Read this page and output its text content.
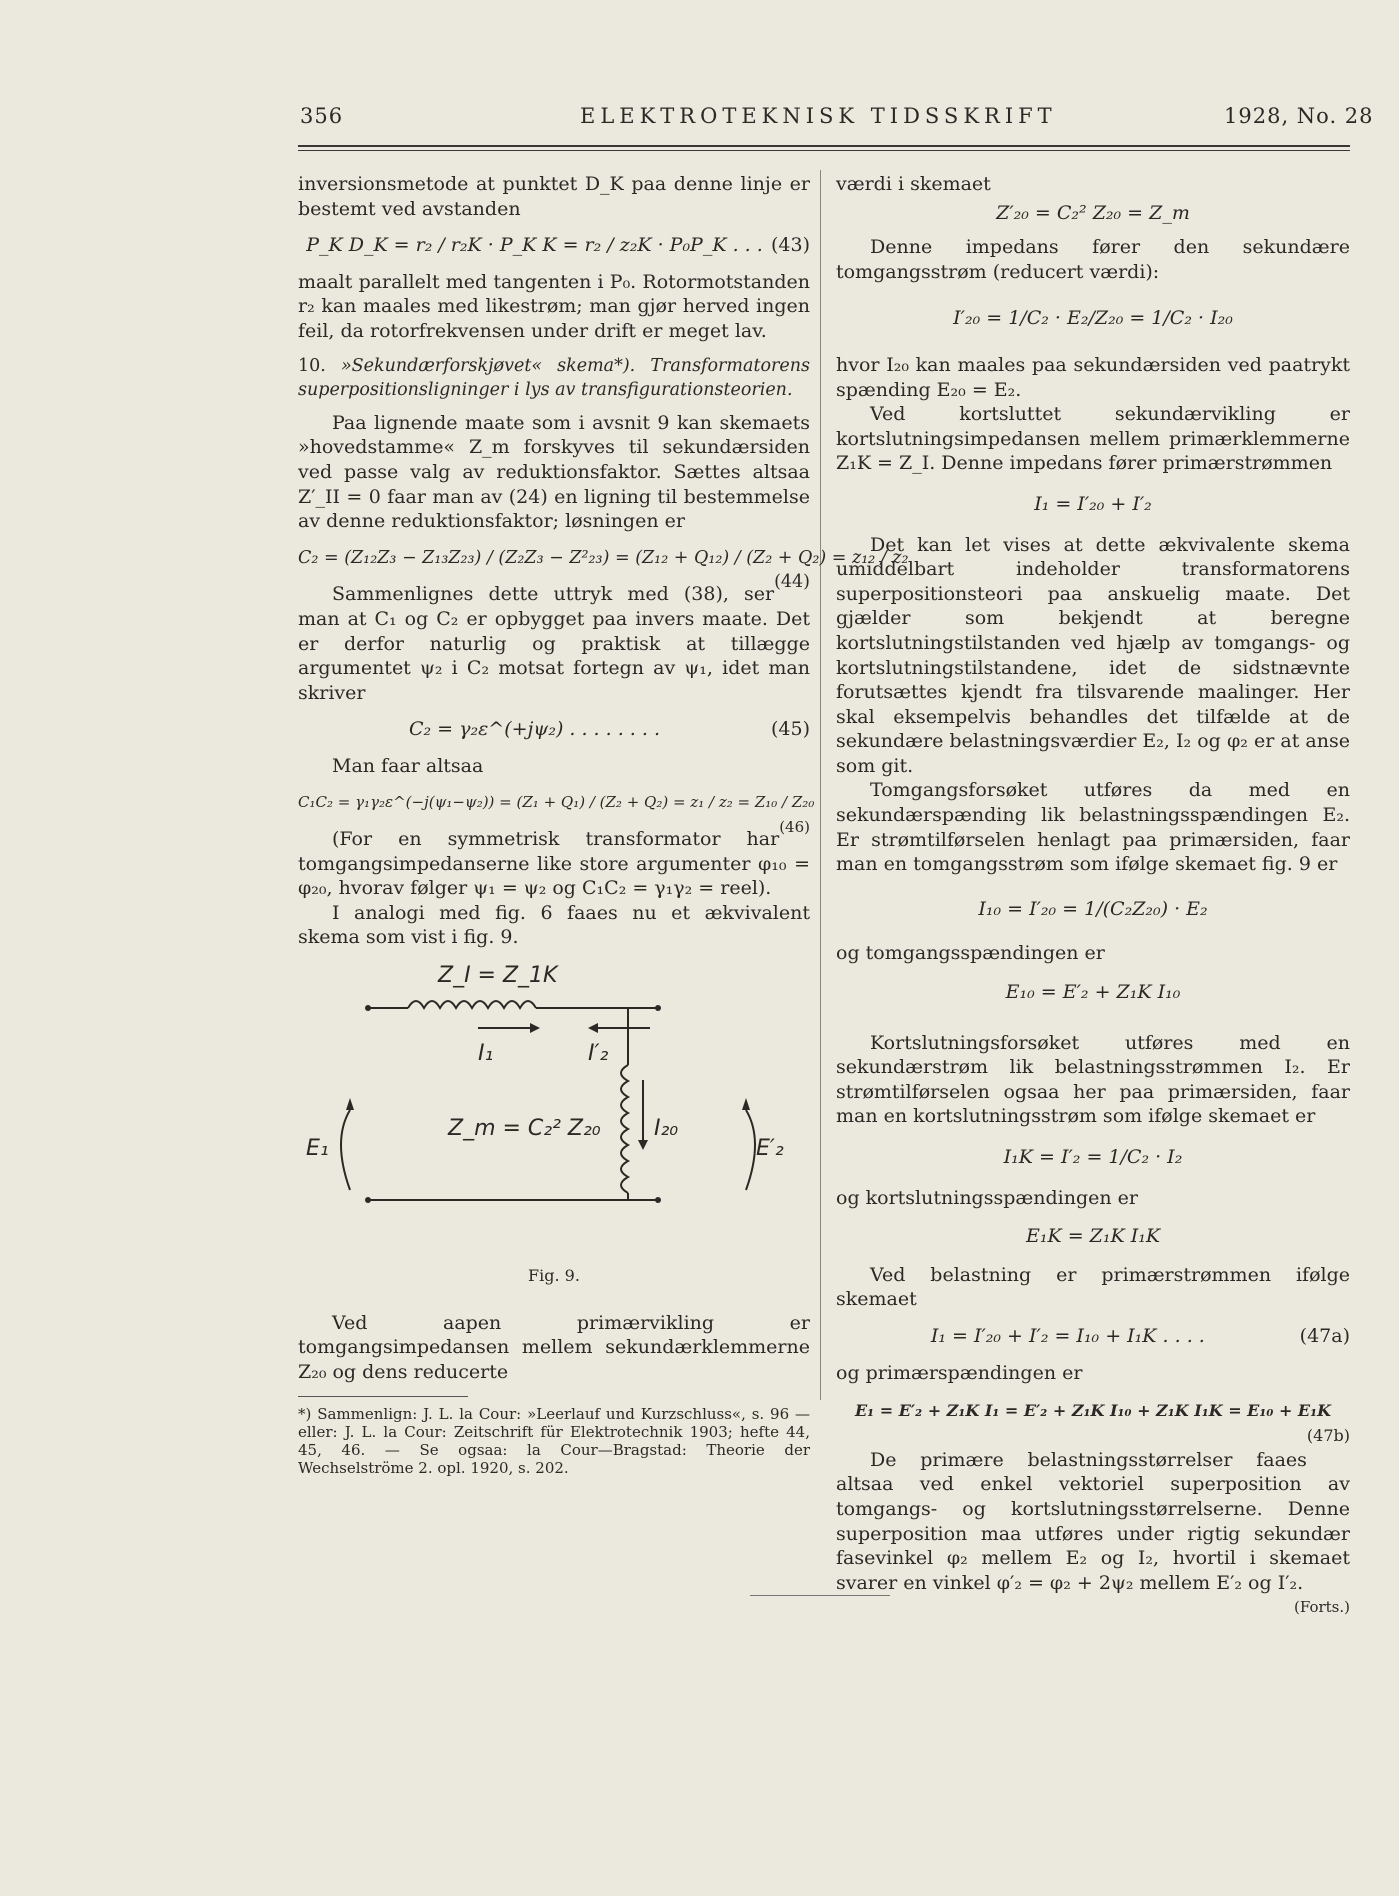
356	ELEKTROTEKNISK TIDSSKRIFT	1928, No. 28

inversionsmetode at punktet D_K paa denne linje er bestemt ved avstanden

P_K D_K = r₂ / r₂K · P_K K = r₂ / z₂K · P₀P_K . . . (43)

maalt parallelt med tangenten i P₀. Rotormotstanden r₂ kan maales med likestrøm; man gjør herved ingen feil, da rotorfrekvensen under drift er meget lav.

10. »Sekundærforskjøvet« skema*). Transformatorens superpositionsligninger i lys av transfigurationsteorien.

Paa lignende maate som i avsnit 9 kan skemaets »hovedstamme« Z_m forskyves til sekundærsiden ved passe valg av reduktionsfaktor. Sættes altsaa Z′_II = 0 faar man av (24) en ligning til bestemmelse av denne reduktionsfaktor; løsningen er

C₂ = (Z₁₂Z₃ − Z₁₃Z₂₃) / (Z₂Z₃ − Z²₂₃) = (Z₁₂ + Q₁₂) / (Z₂ + Q₂) = z₁₂ / z₂
(44)

Sammenlignes dette uttryk med (38), ser man at C₁ og C₂ er opbygget paa invers maate. Det er derfor naturlig og praktisk at tillægge argumentet ψ₂ i C₂ motsat fortegn av ψ₁, idet man skriver

C₂ = γ₂ε^(+jψ₂) . . . . . . . .	(45)

Man faar altsaa

C₁C₂ = γ₁γ₂ε^(−j(ψ₁−ψ₂)) = (Z₁ + Q₁) / (Z₂ + Q₂) = z₁ / z₂ = Z₁₀ / Z₂₀
(46)

(For en symmetrisk transformator har tomgangsimpedanserne like store argumenter φ₁₀ = φ₂₀, hvorav følger ψ₁ = ψ₂ og C₁C₂ = γ₁γ₂ = reel).

I analogi med fig. 6 faaes nu et ækvivalent skema som vist i fig. 9.

Z_I = Z_1K
I₁	I′₂
Z_m = C₂² Z₂₀ I₂₀
E₁	E′₂
Fig. 9.

Ved aapen primærvikling er tomgangsimpedansen mellem sekundærklemmerne Z₂₀ og dens reducerte

*) Sammenlign: J. L. la Cour: »Leerlauf und Kurzschluss«, s. 96 — eller: J. L. la Cour: Zeitschrift für Elektrotechnik 1903; hefte 44, 45, 46. — Se ogsaa: la Cour—Bragstad: Theorie der Wechselströme 2. opl. 1920, s. 202.

værdi i skemaet

Z′₂₀ = C₂² Z₂₀ = Z_m

Denne impedans fører den sekundære tomgangsstrøm (reducert værdi):

I′₂₀ = 1/C₂ · E₂/Z₂₀ = 1/C₂ · I₂₀

hvor I₂₀ kan maales paa sekundærsiden ved paatrykt spænding E₂₀ = E₂.

Ved kortsluttet sekundærvikling er kortslutningsimpedansen mellem primærklemmerne Z₁K = Z_I. Denne impedans fører primærstrømmen

I₁ = I′₂₀ + I′₂

Det kan let vises at dette ækvivalente skema umiddelbart indeholder transformatorens superpositionsteori paa anskuelig maate. Det gjælder som bekjendt at beregne kortslutningstilstanden ved hjælp av tomgangs- og kortslutningstilstandene, idet de sidstnævnte forutsættes kjendt fra tilsvarende maalinger. Her skal eksempelvis behandles det tilfælde at de sekundære belastningsværdier E₂, I₂ og φ₂ er at anse som git.

Tomgangsforsøket utføres da med en sekundærspænding lik belastningsspændingen E₂. Er strømtilførselen henlagt paa primærsiden, faar man en tomgangsstrøm som ifølge skemaet fig. 9 er

I₁₀ = I′₂₀ = 1/(C₂Z₂₀) · E₂

og tomgangsspændingen er

E₁₀ = E′₂ + Z₁K I₁₀

Kortslutningsforsøket utføres med en sekundærstrøm lik belastningsstrømmen I₂. Er strømtilførselen ogsaa her paa primærsiden, faar man en kortslutningsstrøm som ifølge skemaet er

I₁K = I′₂ = 1/C₂ · I₂

og kortslutningsspændingen er

E₁K = Z₁K I₁K

Ved belastning er primærstrømmen ifølge skemaet

I₁ = I′₂₀ + I′₂ = I₁₀ + I₁K . . . .	(47a)

og primærspændingen er

E₁ = E′₂ + Z₁K I₁ = E′₂ + Z₁K I₁₀ + Z₁K I₁K = E₁₀ + E₁K
(47b)

De primære belastningsstørrelser faaes altsaa ved enkel vektoriel superposition av tomgangs- og kortslutningsstørrelserne. Denne superposition maa utføres under rigtig sekundær fasevinkel φ₂ mellem E₂ og I₂, hvortil i skemaet svarer en vinkel φ′₂ = φ₂ + 2ψ₂ mellem E′₂ og I′₂.

(Forts.)
